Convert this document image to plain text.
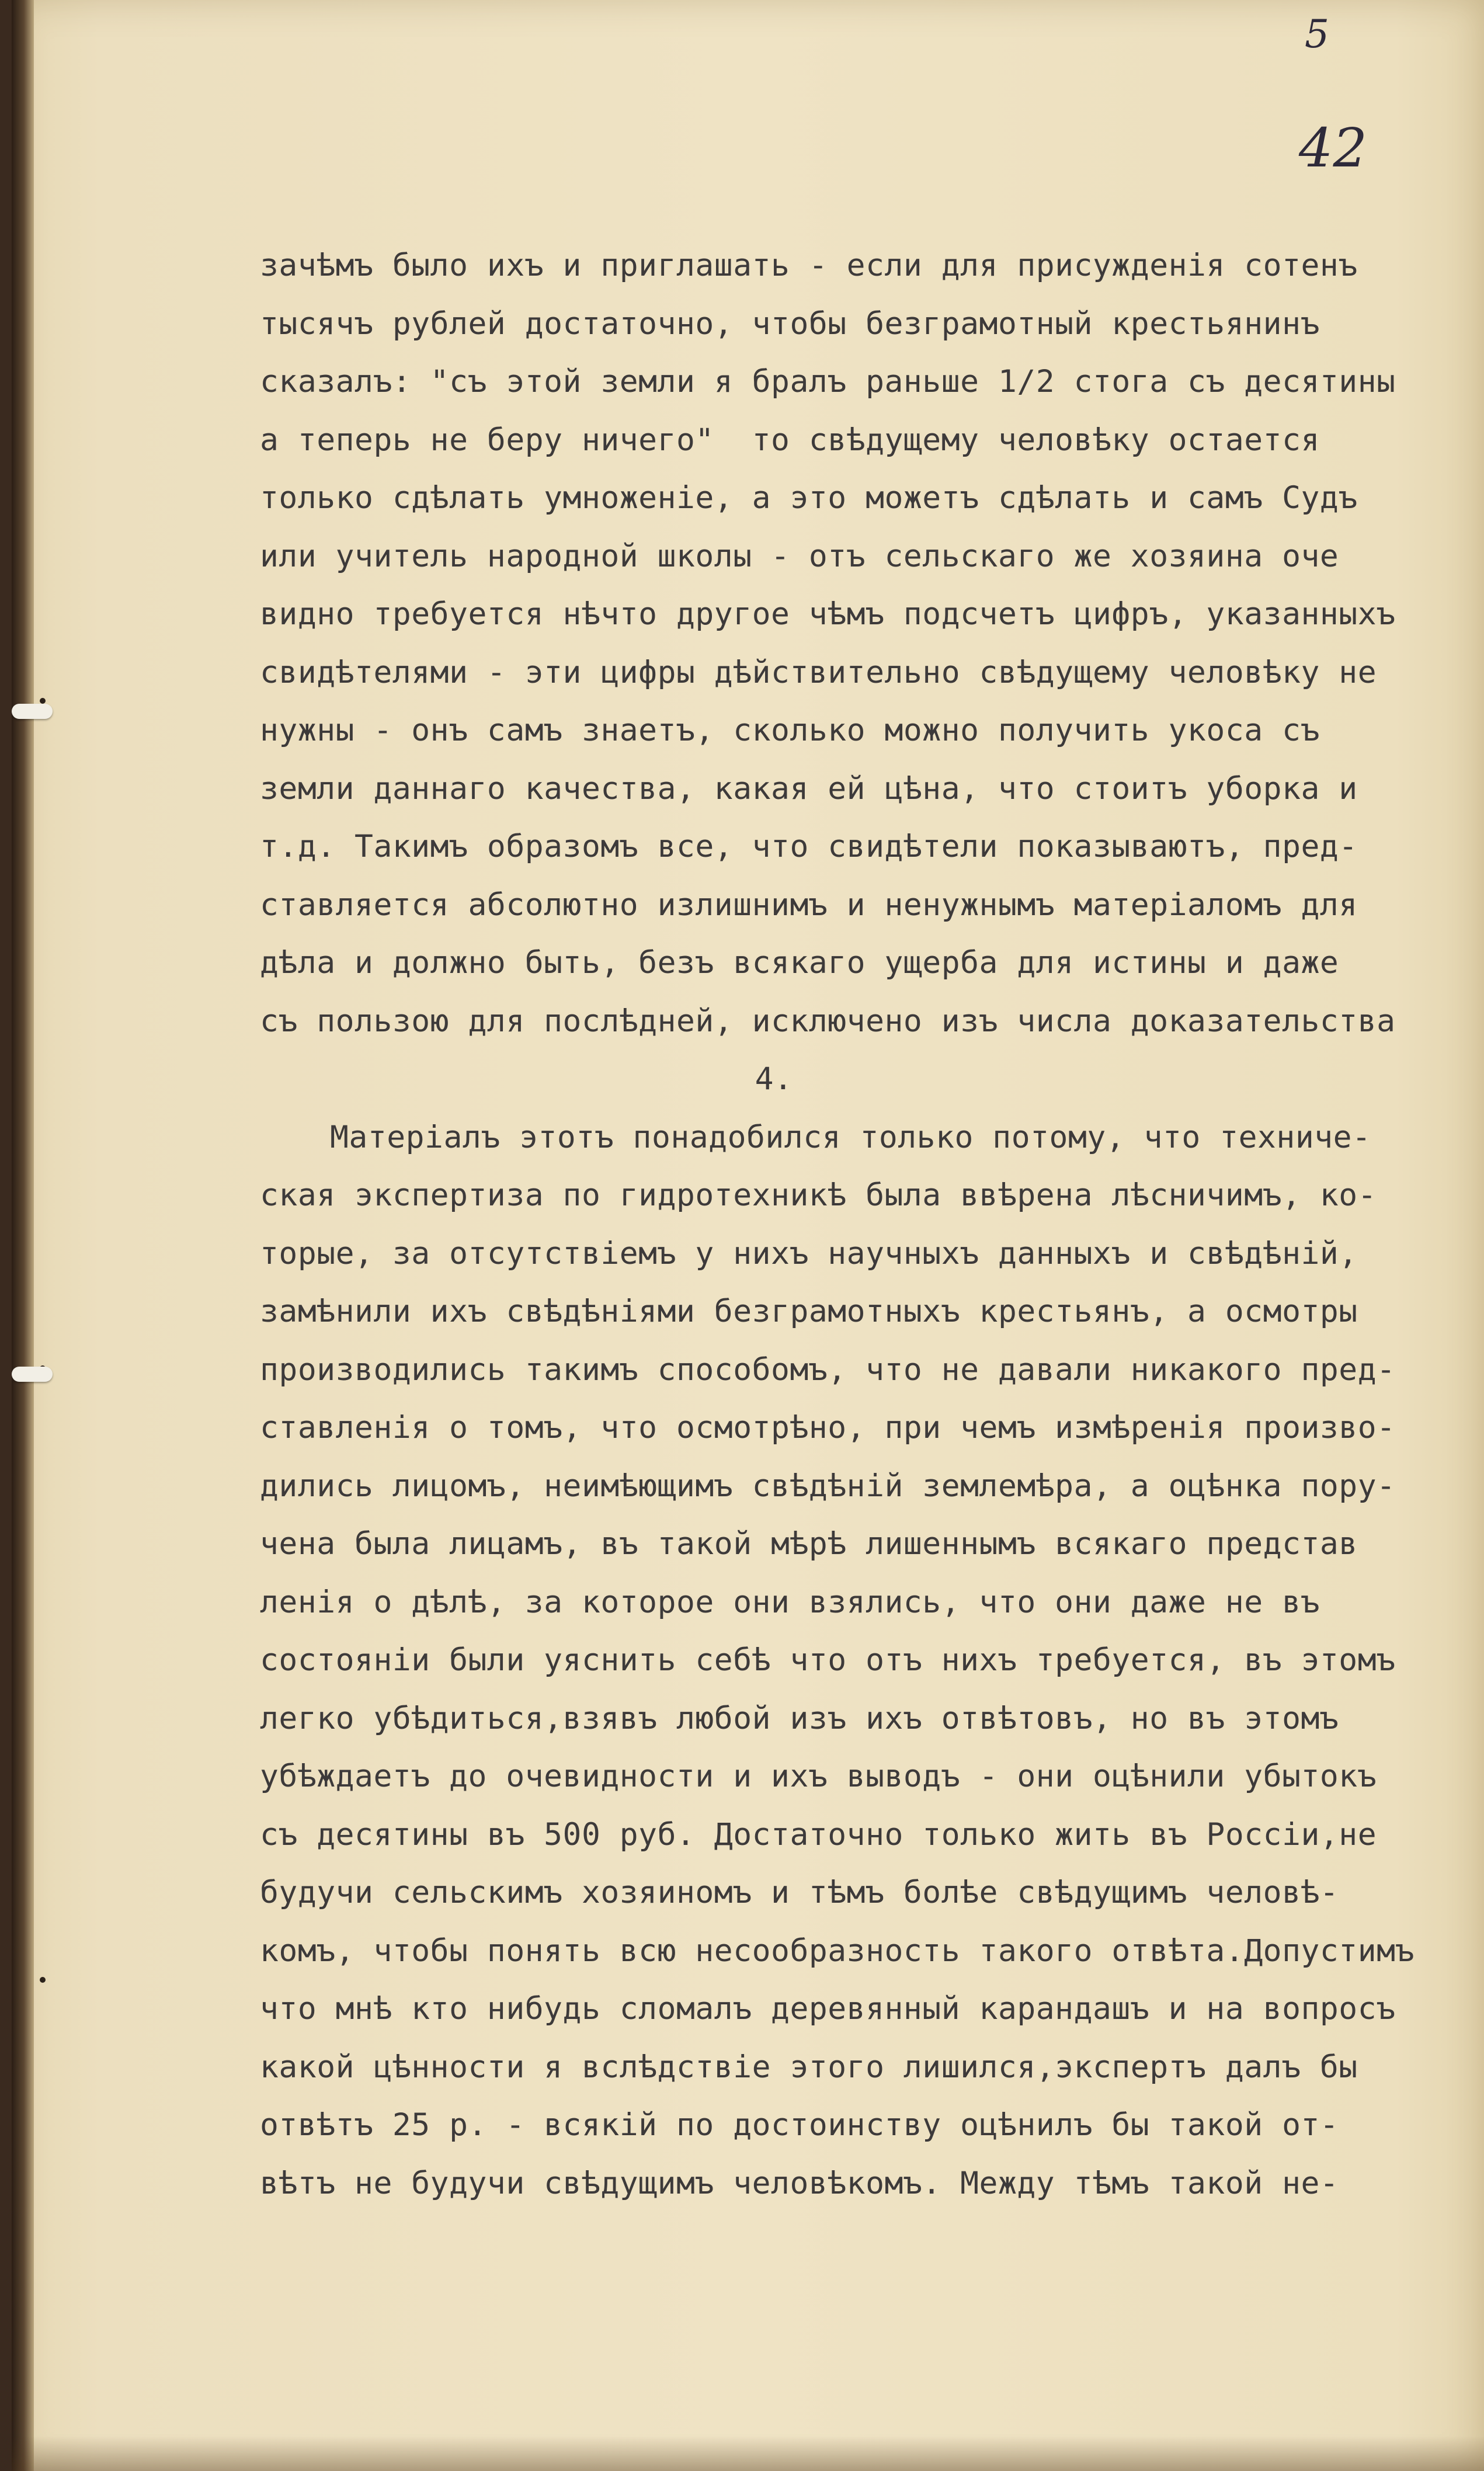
5
42
зачѣмъ было ихъ и приглашать - если для присужденія сотенъ
тысячъ рублей достаточно, чтобы безграмотный крестьянинъ
сказалъ: "съ этой земли я бралъ раньше 1/2 стога съ десятины
а теперь не беру ничего"  то свѣдущему человѣку остается
только сдѣлать умноженіе, а это можетъ сдѣлать и самъ Судъ
или учитель народной школы - отъ сельскаго же хозяина оче
видно требуется нѣчто другое чѣмъ подсчетъ цифръ, указанныхъ
свидѣтелями - эти цифры дѣйствительно свѣдущему человѣку не
нужны - онъ самъ знаетъ, сколько можно получить укоса съ
земли даннаго качества, какая ей цѣна, что стоитъ уборка и
т.д. Такимъ образомъ все, что свидѣтели показываютъ, пред-
ставляется абсолютно излишнимъ и ненужнымъ матеріаломъ для
дѣла и должно быть, безъ всякаго ущерба для истины и даже
съ пользою для послѣдней, исключено изъ числа доказательства
4.
Матеріалъ этотъ понадобился только потому, что техниче-
ская экспертиза по гидротехникѣ была ввѣрена лѣсничимъ, ко-
торые, за отсутствіемъ у нихъ научныхъ данныхъ и свѣдѣній,
замѣнили ихъ свѣдѣніями безграмотныхъ крестьянъ, а осмотры
производились такимъ способомъ, что не давали никакого пред-
ставленія о томъ, что осмотрѣно, при чемъ измѣренія произво-
дились лицомъ, неимѣющимъ свѣдѣній землемѣра, а оцѣнка пору-
чена была лицамъ, въ такой мѣрѣ лишеннымъ всякаго представ
ленія о дѣлѣ, за которое они взялись, что они даже не въ
состояніи были уяснить себѣ что отъ нихъ требуется, въ этомъ
легко убѣдиться,взявъ любой изъ ихъ отвѣтовъ, но въ этомъ
убѣждаетъ до очевидности и ихъ выводъ - они оцѣнили убытокъ
съ десятины въ 500 руб. Достаточно только жить въ Россіи,не
будучи сельскимъ хозяиномъ и тѣмъ болѣе свѣдущимъ человѣ-
комъ, чтобы понять всю несообразность такого отвѣта.Допустимъ
что мнѣ кто нибудь сломалъ деревянный карандашъ и на вопросъ
какой цѣнности я вслѣдствіе этого лишился,экспертъ далъ бы
отвѣтъ 25 р. - всякій по достоинству оцѣнилъ бы такой от-
вѣтъ не будучи свѣдущимъ человѣкомъ. Между тѣмъ такой не-
